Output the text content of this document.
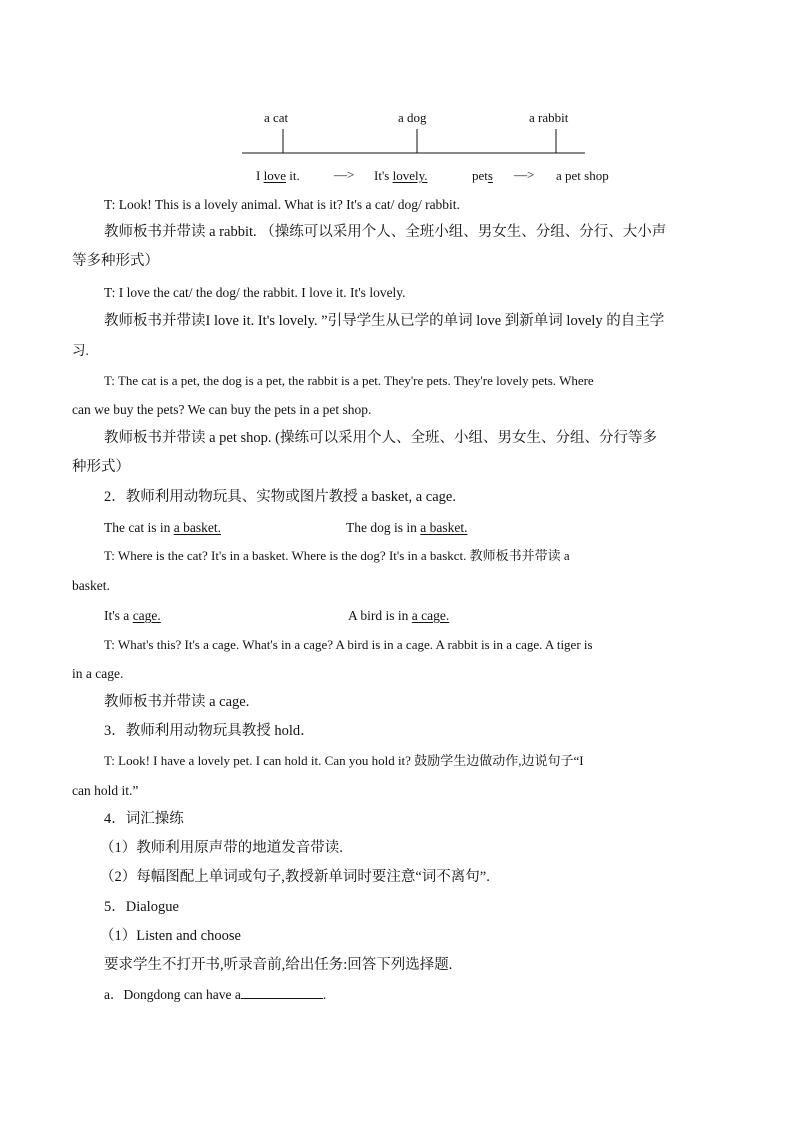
a cat	a dog	a rabbit
I love it.	—> It's lovely.	pets —> a pet shop
T: Look! This is a lovely animal. What is it? It's a cat/ dog/ rabbit.
教师板书并带读 a rabbit. （操练可以采用个人、全班小组、男女生、分组、分行、大小声
等多种形式）
T: I love the cat/ the dog/ the rabbit. I love it. It's lovely.
教师板书并带读I love it. It's lovely. ”引导学生从已学的单词 love 到新单词 lovely 的自主学
习.
T: The cat is a pet, the dog is a pet, the rabbit is a pet. They're pets. They're lovely pets. Where
can we buy the pets? We can buy the pets in a pet shop.
教师板书并带读 a pet shop. (操练可以采用个人、全班、小组、男女生、分组、分行等多
种形式）
2．教师利用动物玩具、实物或图片教授 a basket, a cage.
The cat is in a basket.	The dog is in a basket.
T: Where is the cat? It's in a basket. Where is the dog? It's in a baskct. 教师板书并带读 a
basket.
It's a cage.	A bird is in a cage.
T: What's this? It's a cage. What's in a cage? A bird is in a cage. A rabbit is in a cage. A tiger is
in a cage.
教师板书并带读 a cage.
3．教师利用动物玩具教授 hold．
T: Look! I have a lovely pet. I can hold it. Can you hold it? 鼓励学生边做动作,边说句子“I
can hold it.”
4．词汇操练
（1）教师利用原声带的地道发音带读.
（2）每幅图配上单词或句子,教授新单词时要注意“词不离句”.
5．Dialogue
（1）Listen and choose
要求学生不打开书,听录音前,给出任务:回答下列选择题.
a．Dongdong can have a	.
